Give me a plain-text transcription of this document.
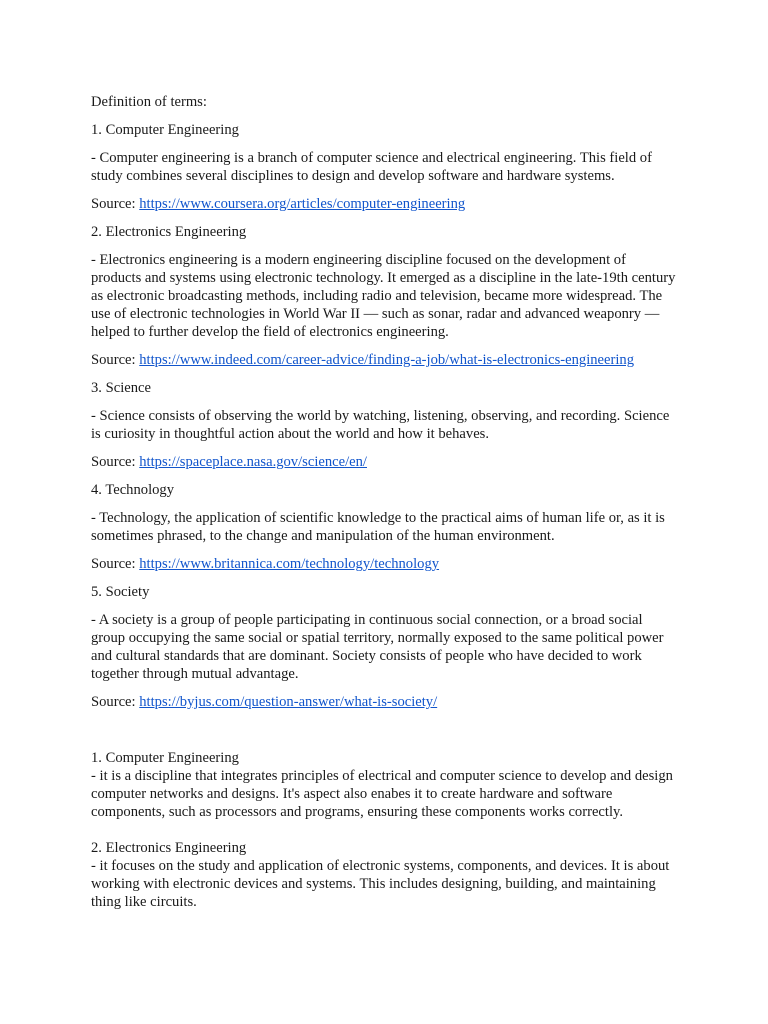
Definition of terms:

1. Computer Engineering

- Computer engineering is a branch of computer science and electrical engineering. This field of study combines several disciplines to design and develop software and hardware systems.

Source: https://www.coursera.org/articles/computer-engineering

2. Electronics Engineering

- Electronics engineering is a modern engineering discipline focused on the development of products and systems using electronic technology. It emerged as a discipline in the late-19th century as electronic broadcasting methods, including radio and television, became more widespread. The use of electronic technologies in World War II — such as sonar, radar and advanced weaponry — helped to further develop the field of electronics engineering.

Source: https://www.indeed.com/career-advice/finding-a-job/what-is-electronics-engineering

3. Science

- Science consists of observing the world by watching, listening, observing, and recording. Science is curiosity in thoughtful action about the world and how it behaves.

Source: https://spaceplace.nasa.gov/science/en/

4. Technology

- Technology, the application of scientific knowledge to the practical aims of human life or, as it is sometimes phrased, to the change and manipulation of the human environment.

Source: https://www.britannica.com/technology/technology

5. Society

- A society is a group of people participating in continuous social connection, or a broad social group occupying the same social or spatial territory, normally exposed to the same political power and cultural standards that are dominant. Society consists of people who have decided to work together through mutual advantage.

Source: https://byjus.com/question-answer/what-is-society/

1. Computer Engineering

- it is a discipline that integrates principles of electrical and computer science to develop and design computer networks and designs. It's aspect also enabes it to create hardware and software components, such as processors and programs, ensuring these components works correctly.

2. Electronics Engineering

- it focuses on the study and application of electronic systems, components, and devices. It is about working with electronic devices and systems. This includes designing, building, and maintaining thing like circuits.
